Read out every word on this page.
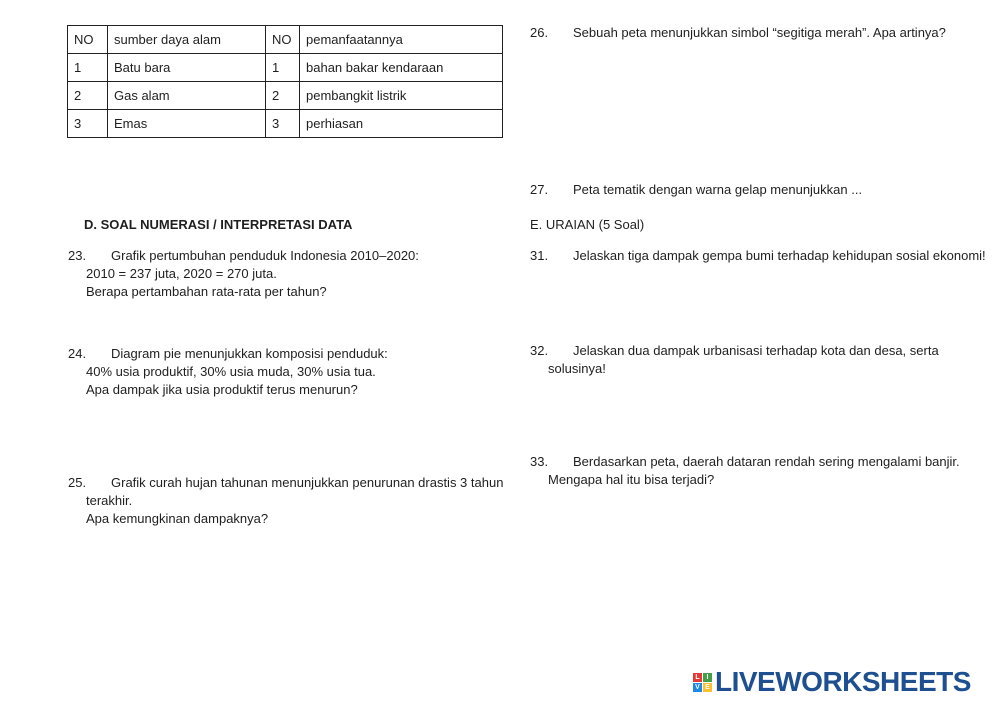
NO	sumber daya alam	NO	pemanfaatannya
1	Batu bara	1	bahan bakar kendaraan
2	Gas alam	2	pembangkit listrik
3	Emas	3	perhiasan
D. SOAL NUMERASI / INTERPRETASI DATA
23. Grafik pertumbuhan penduduk Indonesia 2010–2020:
2010 = 237 juta, 2020 = 270 juta.
Berapa pertambahan rata-rata per tahun?
24. Diagram pie menunjukkan komposisi penduduk:
40% usia produktif, 30% usia muda, 30% usia tua.
Apa dampak jika usia produktif terus menurun?
25. Grafik curah hujan tahunan menunjukkan penurunan drastis 3 tahun
terakhir.
Apa kemungkinan dampaknya?
26. Sebuah peta menunjukkan simbol “segitiga merah”. Apa artinya?
27. Peta tematik dengan warna gelap menunjukkan ...
E. URAIAN (5 Soal)
31. Jelaskan tiga dampak gempa bumi terhadap kehidupan sosial ekonomi!
32. Jelaskan dua dampak urbanisasi terhadap kota dan desa, serta
solusinya!
33. Berdasarkan peta, daerah dataran rendah sering mengalami banjir.
Mengapa hal itu bisa terjadi?
L I
V E LIVEWORKSHEETS
